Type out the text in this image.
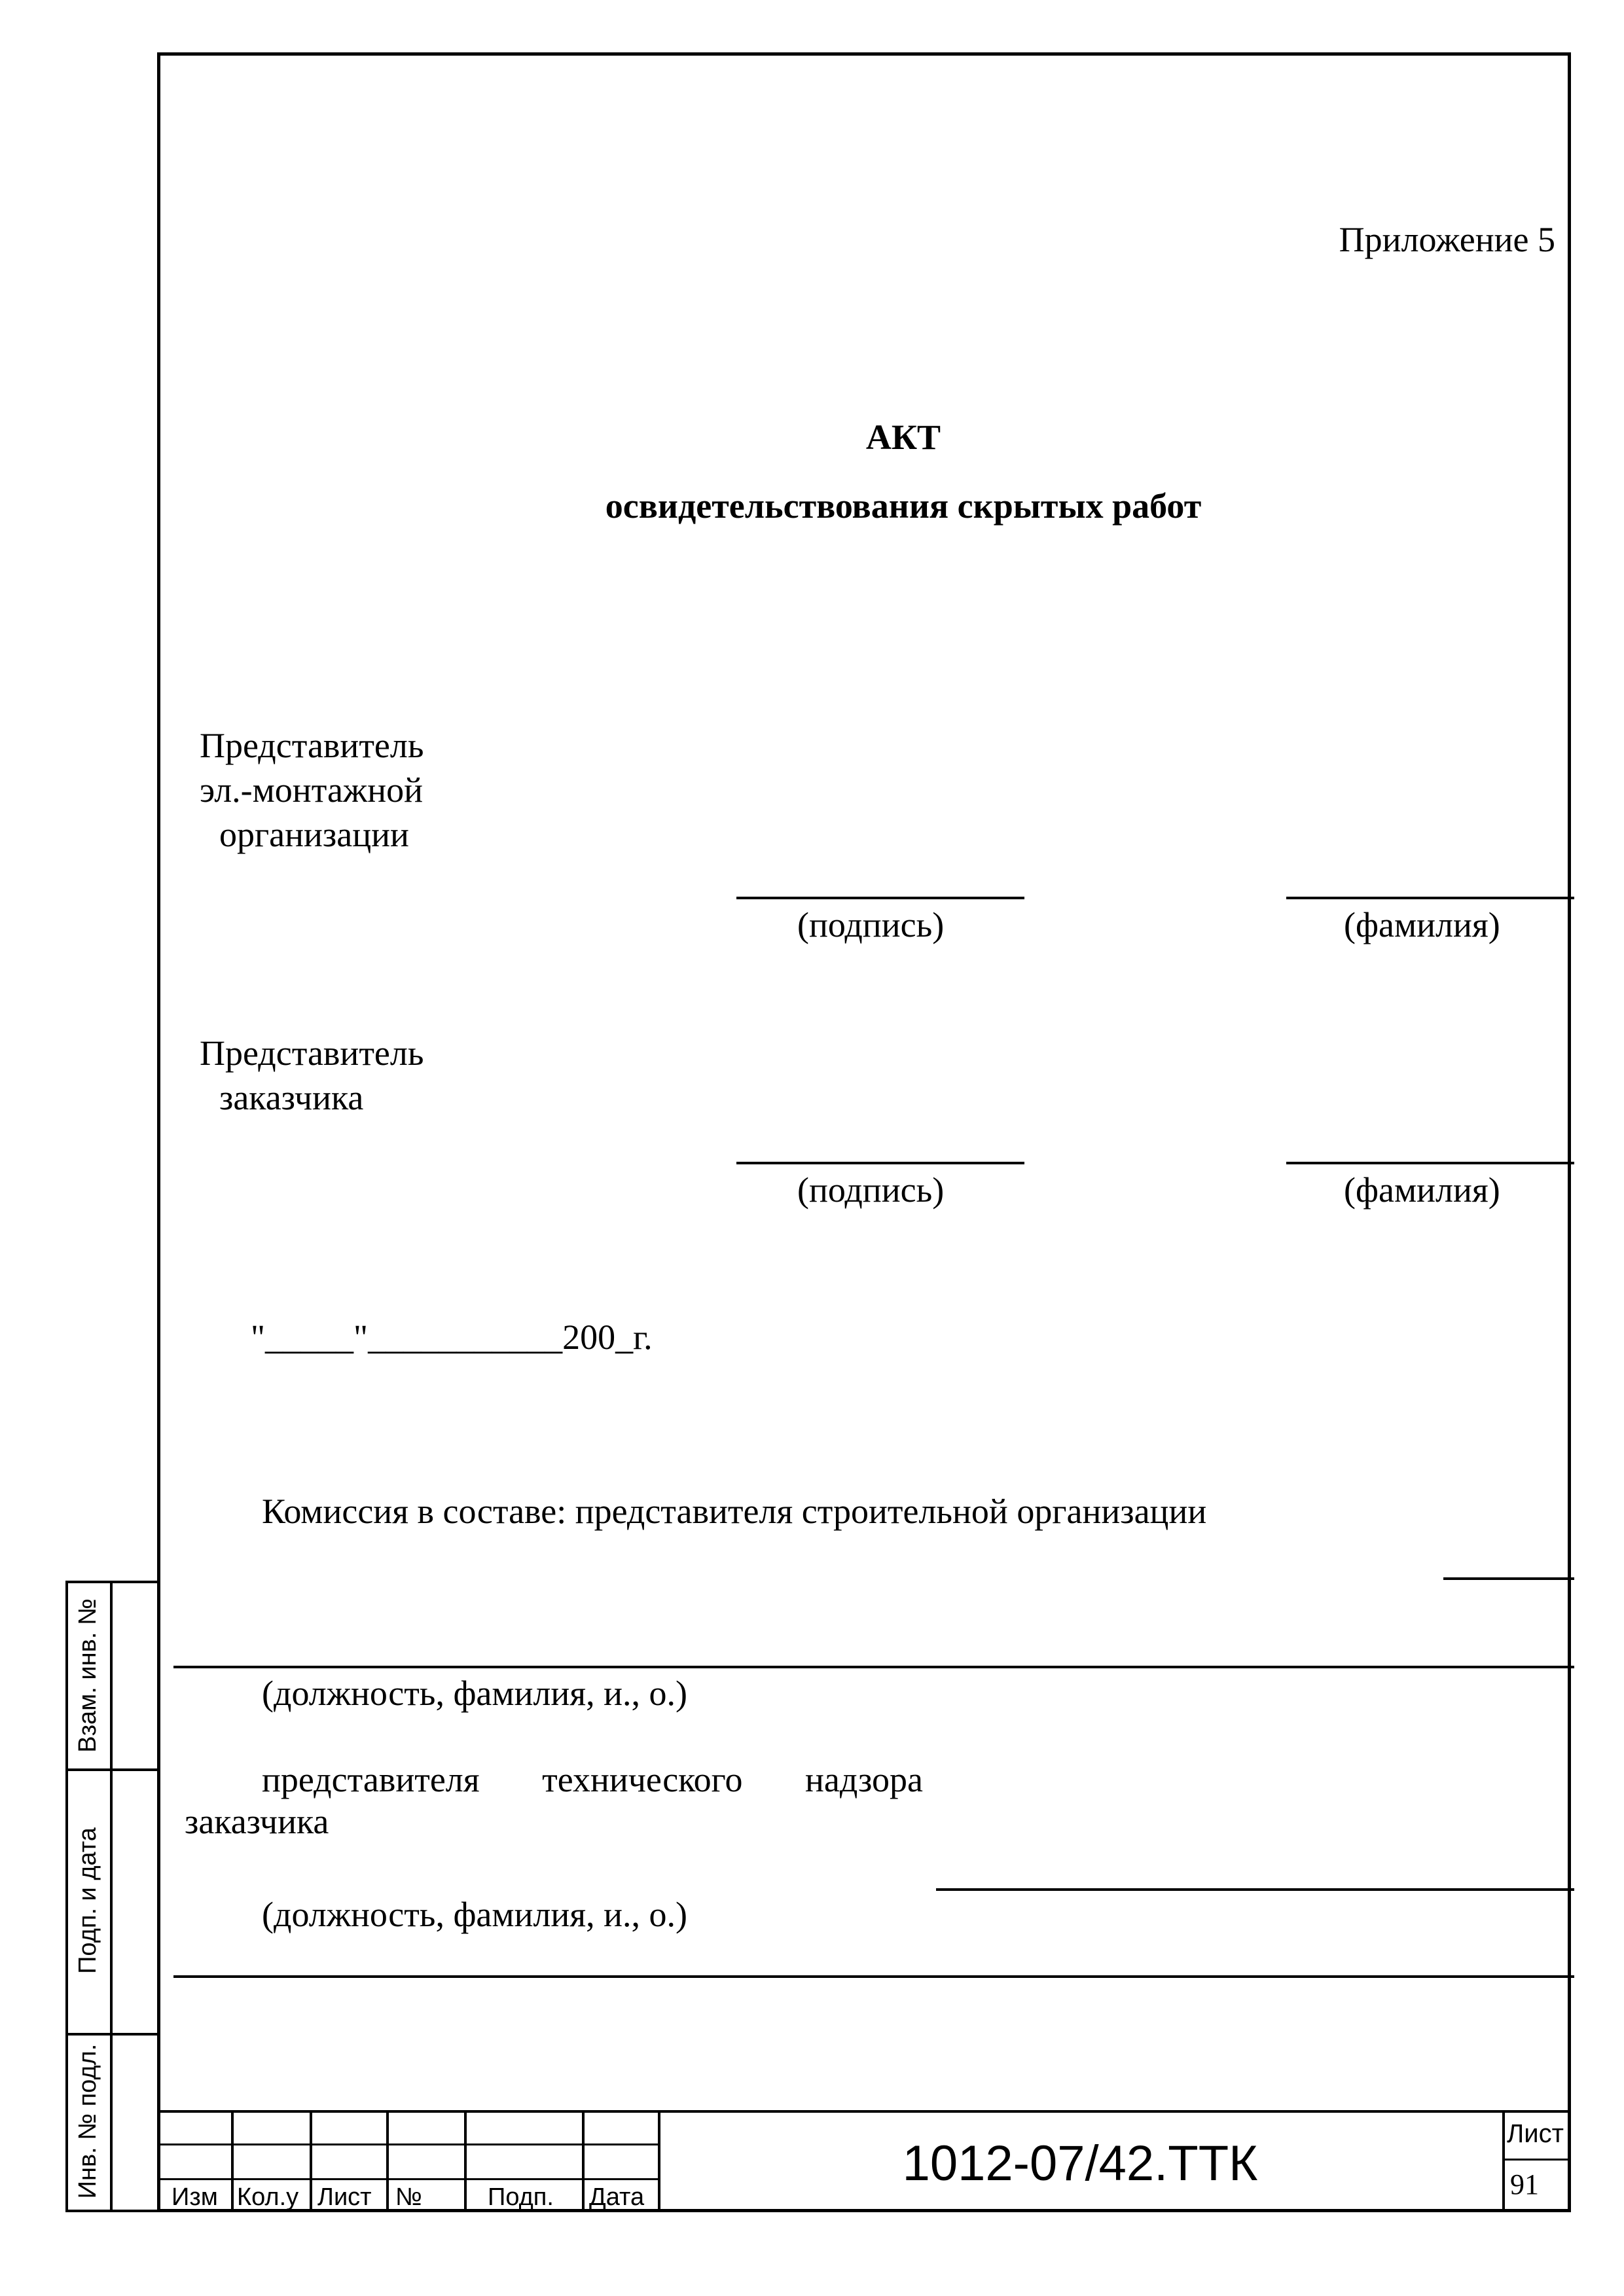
Приложение 5
АКТ
освидетельствования скрытых работ
Представитель
эл.-монтажной
организации
(подпись)	(фамилия)
Представитель
заказчика
(подпись)	(фамилия)
"_____"___________200_г.
Комиссия в составе: представителя строительной организации
(должность, фамилия, и., о.)
представителя технического надзора
заказчика
(должность, фамилия, и., о.)
Взам. инв. №
Подп. и дата
Инв. № подл.	Изм Кол.у Лист №	Подп. Дата
1012-07/42.ТТК
Лист
91
